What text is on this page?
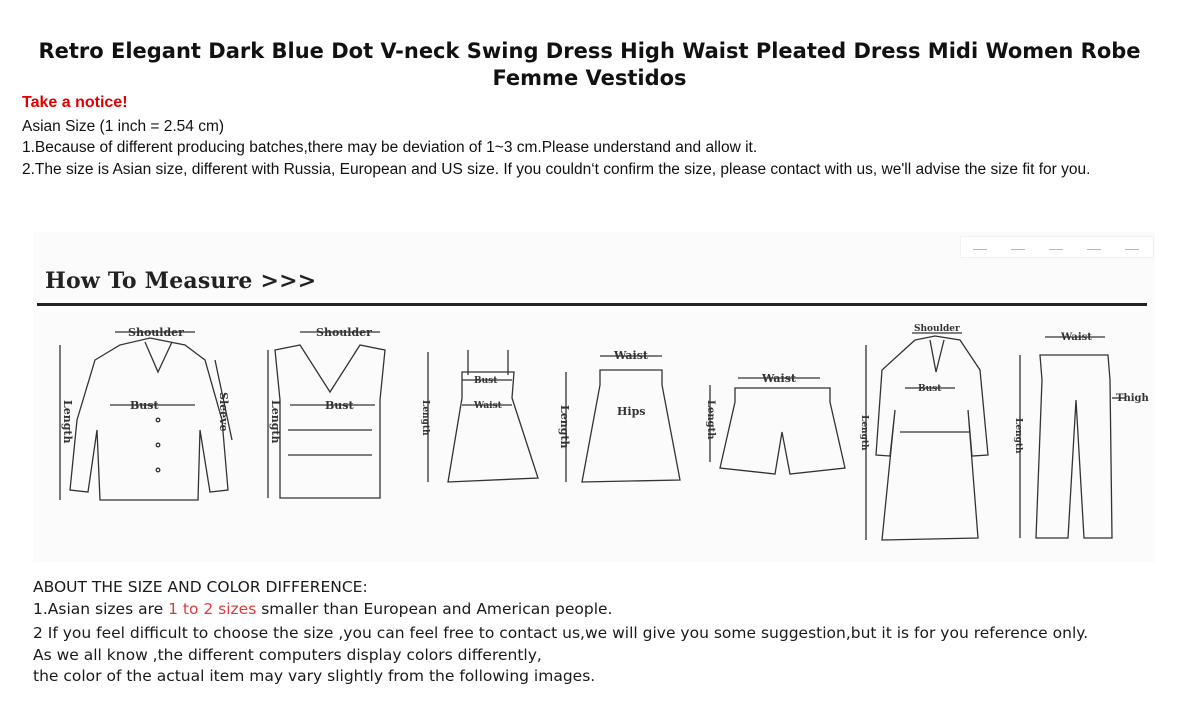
Retro Elegant Dark Blue Dot V-neck Swing Dress High Waist Pleated Dress Midi Women Robe Femme Vestidos
Take a notice!
Asian Size (1 inch = 2.54 cm)
1.Because of different producing batches,there may be deviation of 1~3 cm.Please understand and allow it.
2.The size is Asian size, different with Russia, European and US size. If you couldn‘t confirm the size, please contact with us, we'll advise the size fit for you.
How To Measure >>>
Shoulder
Bust
Shoulder
Bust
Bust
Waist
Waist
Hips
Waist
Shoulder
Bust
Waist
Thigh
Length	Sleeve	Length	Length	Length	Length	Length	Length
ABOUT THE SIZE AND COLOR DIFFERENCE:
1.Asian sizes are 1 to 2 sizes smaller than European and American people.
2 If you feel difficult to choose the size ,you can feel free to contact us,we will give you some suggestion,but it is for you reference only.
As we all know ,the different computers display colors differently,
the color of the actual item may vary slightly from the following images.
